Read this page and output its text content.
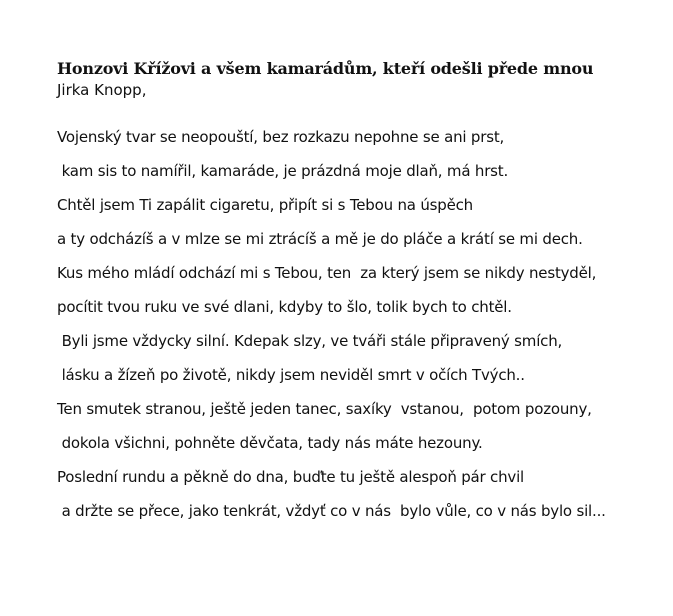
Honzovi Křížovi a všem kamarádům, kteří odešli přede mnou

Jirka Knopp,

Vojenský tvar se neopouští, bez rozkazu nepohne se ani prst,

kam sis to namířil, kamaráde, je prázdná moje dlaň, má hrst.

Chtěl jsem Ti zapálit cigaretu, připít si s Tebou na úspěch

a ty odcházíš a v mlze se mi ztrácíš a mě je do pláče a krátí se mi dech.

Kus mého mládí odchází mi s Tebou, ten  za který jsem se nikdy nestyděl,

pocítit tvou ruku ve své dlani, kdyby to šlo, tolik bych to chtěl.

Byli jsme vždycky silní. Kdepak slzy, ve tváři stále připravený smích,

lásku a žízeň po životě, nikdy jsem neviděl smrt v očích Tvých..

Ten smutek stranou, ještě jeden tanec, saxíky  vstanou,  potom pozouny,

dokola všichni, pohněte děvčata, tady nás máte hezouny.

Poslední rundu a pěkně do dna, buďte tu ještě alespoň pár chvil

a držte se přece, jako tenkrát, vždyť co v nás  bylo vůle, co v nás bylo sil...
